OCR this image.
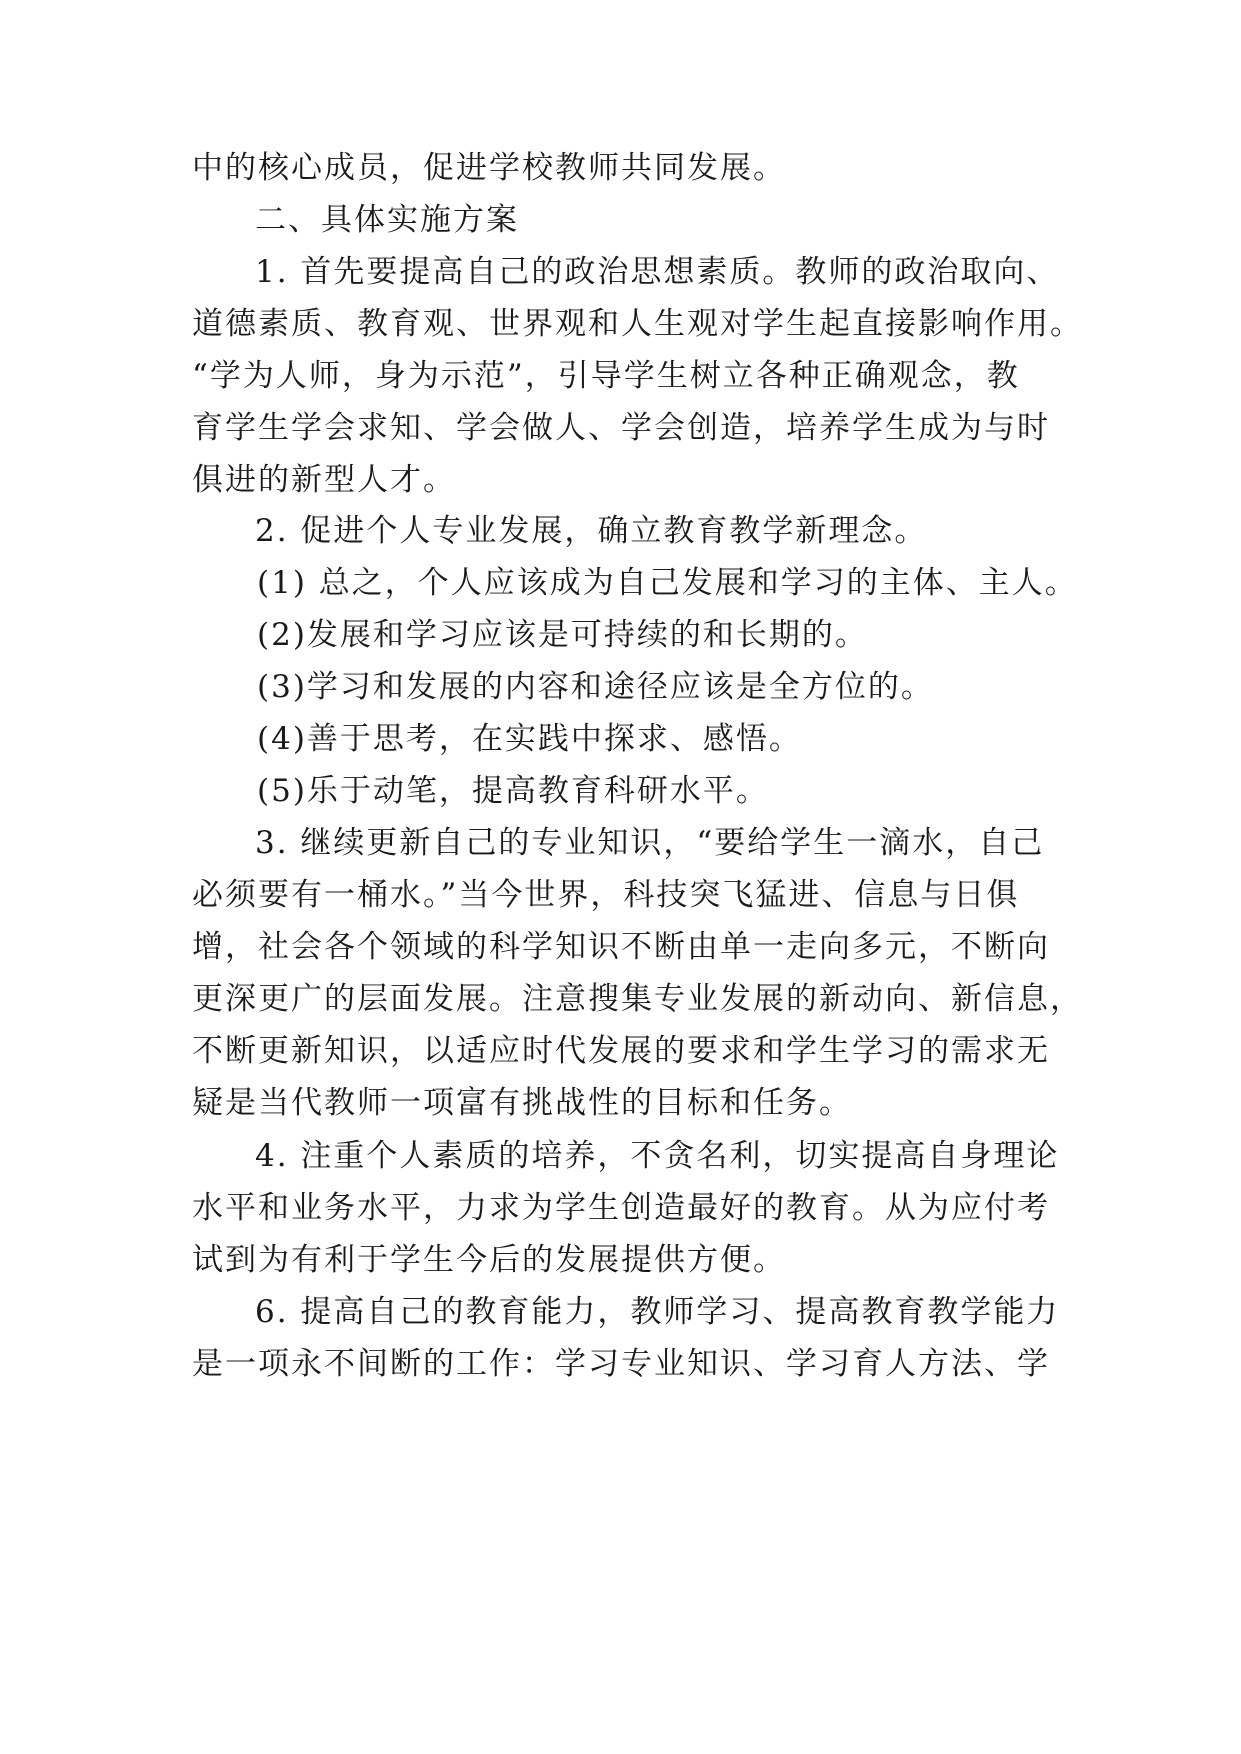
中的核心成员，促进学校教师共同发展。
二、具体实施方案
1. 首先要提高自己的政治思想素质。教师的政治取向、
道德素质、教育观、世界观和人生观对学生起直接影响作用。
“学为人师，身为示范”，引导学生树立各种正确观念，教
育学生学会求知、学会做人、学会创造，培养学生成为与时
俱进的新型人才。
2. 促进个人专业发展，确立教育教学新理念。
(1) 总之，个人应该成为自己发展和学习的主体、主人。
(2)发展和学习应该是可持续的和长期的。
(3)学习和发展的内容和途径应该是全方位的。
(4)善于思考，在实践中探求、感悟。
(5)乐于动笔，提高教育科研水平。
3. 继续更新自己的专业知识，“要给学生一滴水，自己
必须要有一桶水。”当今世界，科技突飞猛进、信息与日俱
增，社会各个领域的科学知识不断由单一走向多元，不断向
更深更广的层面发展。注意搜集专业发展的新动向、新信息，
不断更新知识，以适应时代发展的要求和学生学习的需求无
疑是当代教师一项富有挑战性的目标和任务。
4. 注重个人素质的培养，不贪名利，切实提高自身理论
水平和业务水平，力求为学生创造最好的教育。从为应付考
试到为有利于学生今后的发展提供方便。
6. 提高自己的教育能力，教师学习、提高教育教学能力
是一项永不间断的工作：学习专业知识、学习育人方法、学
